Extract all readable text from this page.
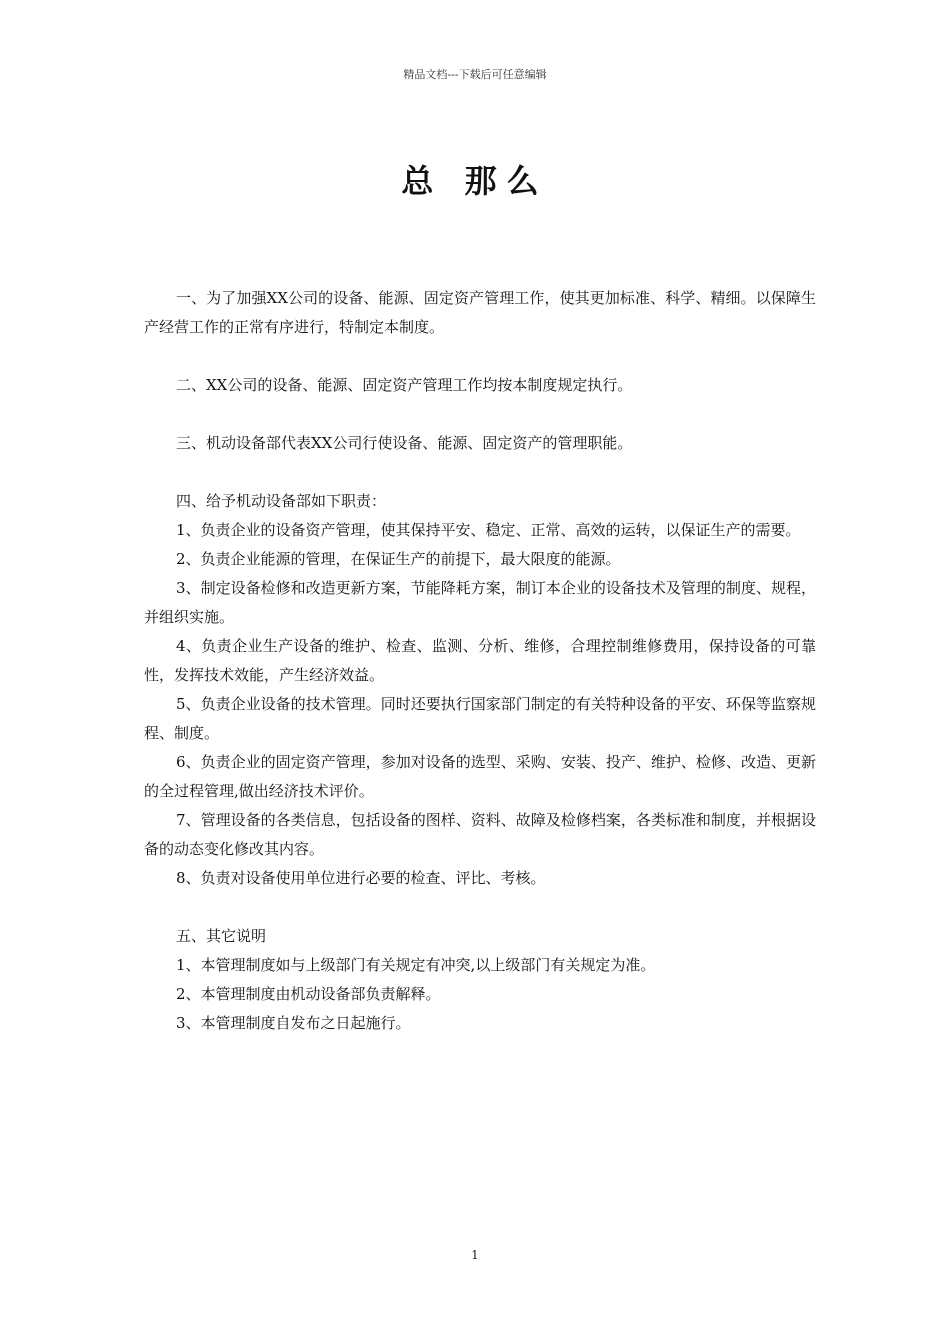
精品文档---下载后可任意编辑
总 那么

一、为了加强XX公司的设备、能源、固定资产管理工作，使其更加标准、科学、精细。以保障生产经营工作的正常有序进行，特制定本制度。

二、XX公司的设备、能源、固定资产管理工作均按本制度规定执行。

三、机动设备部代表XX公司行使设备、能源、固定资产的管理职能。

四、给予机动设备部如下职责：

1、负责企业的设备资产管理，使其保持平安、稳定、正常、高效的运转，以保证生产的需要。

2、负责企业能源的管理，在保证生产的前提下，最大限度的能源。

3、制定设备检修和改造更新方案，节能降耗方案，制订本企业的设备技术及管理的制度、规程，并组织实施。

4、负责企业生产设备的维护、检查、监测、分析、维修，合理控制维修费用，保持设备的可靠性，发挥技术效能，产生经济效益。

5、负责企业设备的技术管理。同时还要执行国家部门制定的有关特种设备的平安、环保等监察规程、制度。

6、负责企业的固定资产管理，参加对设备的选型、采购、安装、投产、维护、检修、改造、更新的全过程管理,做出经济技术评价。

7、管理设备的各类信息，包括设备的图样、资料、故障及检修档案，各类标准和制度，并根据设备的动态变化修改其内容。

8、负责对设备使用单位进行必要的检查、评比、考核。

五、其它说明

1、本管理制度如与上级部门有关规定有冲突,以上级部门有关规定为准。

2、本管理制度由机动设备部负责解释。

3、本管理制度自发布之日起施行。

1
